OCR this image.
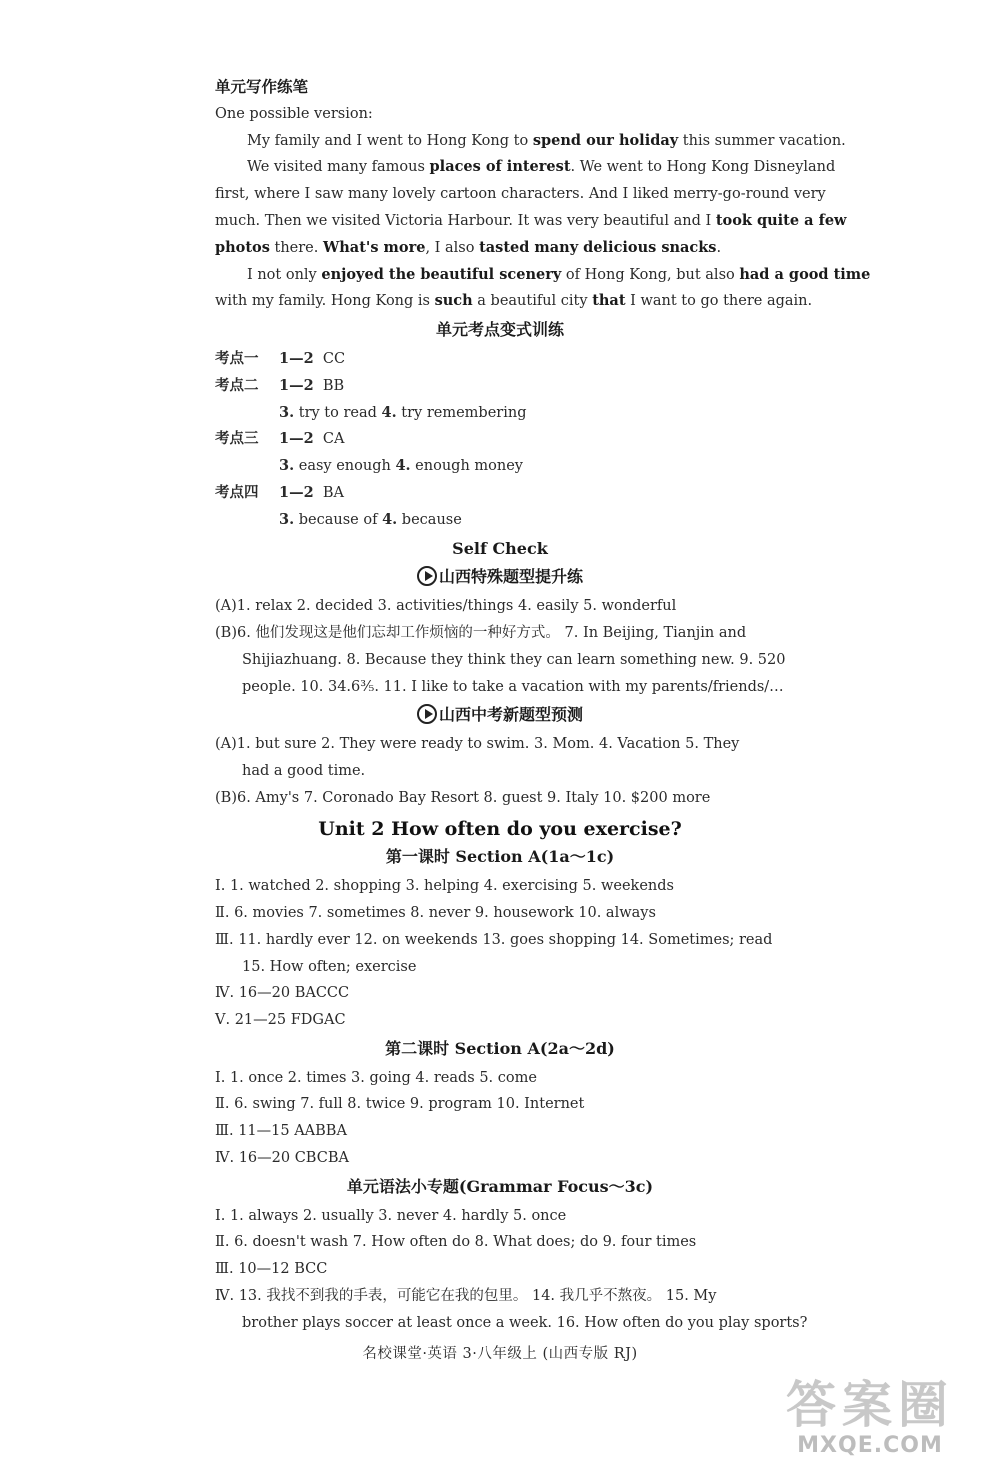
单元写作练笔
One possible version:
My family and I went to Hong Kong to spend our holiday this summer vacation.
We visited many famous places of interest. We went to Hong Kong Disneyland
first, where I saw many lovely cartoon characters. And I liked merry-go-round very
much. Then we visited Victoria Harbour. It was very beautiful and I took quite a few
photos there. What's more, I also tasted many delicious snacks.
I not only enjoyed the beautiful scenery of Hong Kong, but also had a good time
with my family. Hong Kong is such a beautiful city that I want to go there again.
单元考点变式训练
考点一 1—2 CC
考点二 1—2 BB
3. try to read 4. try remembering
考点三 1—2 CA
3. easy enough 4. enough money
考点四 1—2 BA
3. because of 4. because
Self Check
山西特殊题型提升练
(A)1. relax 2. decided 3. activities/things 4. easily 5. wonderful
(B)6. 他们发现这是他们忘却工作烦恼的一种好方式。 7. In Beijing, Tianjin and
Shijiazhuang. 8. Because they think they can learn something new. 9. 520
people. 10. 34.6⅗. 11. I like to take a vacation with my parents/friends/…
山西中考新题型预测
(A)1. but sure 2. They were ready to swim. 3. Mom. 4. Vacation 5. They
had a good time.
(B)6. Amy's 7. Coronado Bay Resort 8. guest 9. Italy 10. $200 more
Unit 2 How often do you exercise?
第一课时 Section A(1a～1c)
Ⅰ. 1. watched 2. shopping 3. helping 4. exercising 5. weekends
Ⅱ. 6. movies 7. sometimes 8. never 9. housework 10. always
Ⅲ. 11. hardly ever 12. on weekends 13. goes shopping 14. Sometimes; read
15. How often; exercise
Ⅳ. 16—20 BACCC
Ⅴ. 21—25 FDGAC
第二课时 Section A(2a～2d)
Ⅰ. 1. once 2. times 3. going 4. reads 5. come
Ⅱ. 6. swing 7. full 8. twice 9. program 10. Internet
Ⅲ. 11—15 AABBA
Ⅳ. 16—20 CBCBA
单元语法小专题(Grammar Focus～3c)
Ⅰ. 1. always 2. usually 3. never 4. hardly 5. once
Ⅱ. 6. doesn't wash 7. How often do 8. What does; do 9. four times
Ⅲ. 10—12 BCC
Ⅳ. 13. 我找不到我的手表，可能它在我的包里。 14. 我几乎不熬夜。 15. My
brother plays soccer at least once a week. 16. How often do you play sports?
名校课堂·英语 3·八年级上 (山西专版 RJ)
答案圈
MXQE.COM
